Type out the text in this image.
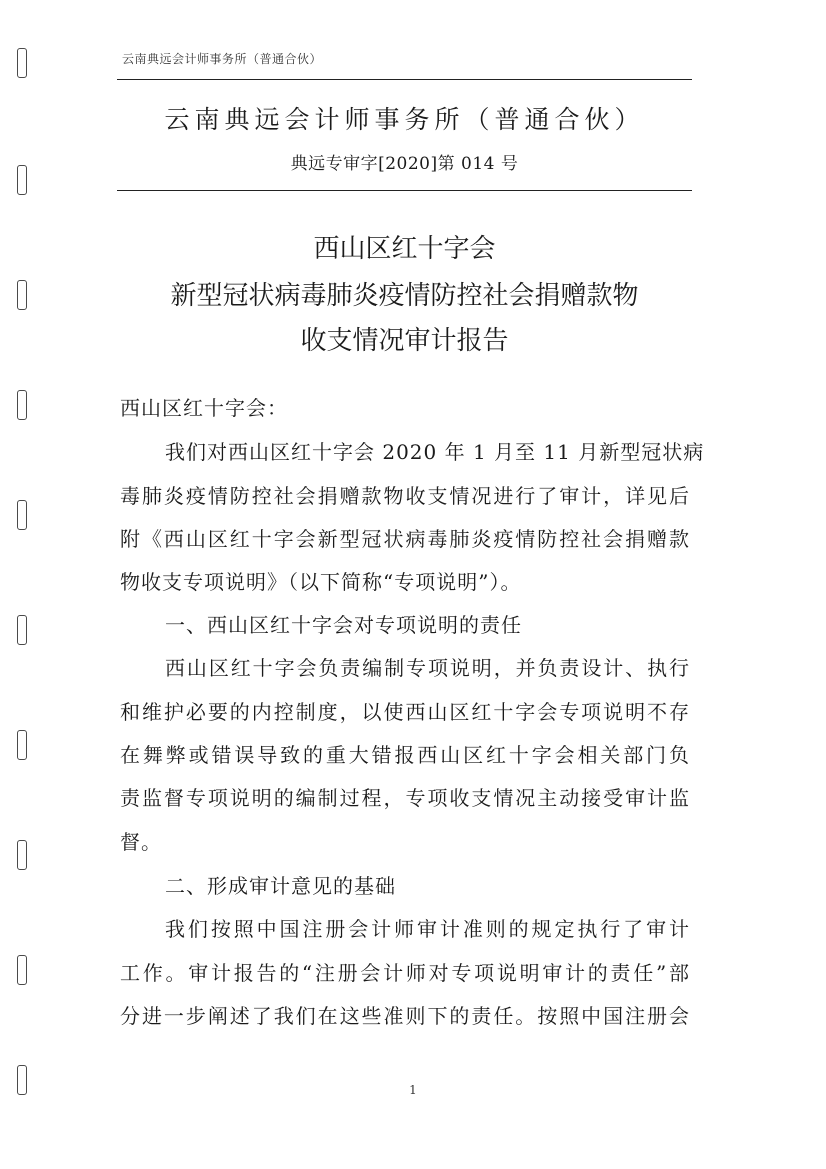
云南典远会计师事务所（普通合伙）
云南典远会计师事务所（普通合伙）
典远专审字[2020]第 014 号
西山区红十字会
新型冠状病毒肺炎疫情防控社会捐赠款物
收支情况审计报告
西山区红十字会：
我们对西山区红十字会 2020 年 1 月至 11 月新型冠状病
毒肺炎疫情防控社会捐赠款物收支情况进行了审计，详见后
附《西山区红十字会新型冠状病毒肺炎疫情防控社会捐赠款
物收支专项说明》（以下简称“专项说明”）。
一、西山区红十字会对专项说明的责任
西山区红十字会负责编制专项说明，并负责设计、执行
和维护必要的内控制度，以使西山区红十字会专项说明不存
在舞弊或错误导致的重大错报西山区红十字会相关部门负
责监督专项说明的编制过程，专项收支情况主动接受审计监
督。
二、形成审计意见的基础
我们按照中国注册会计师审计准则的规定执行了审计
工作。审计报告的“注册会计师对专项说明审计的责任”部
分进一步阐述了我们在这些准则下的责任。按照中国注册会
1
